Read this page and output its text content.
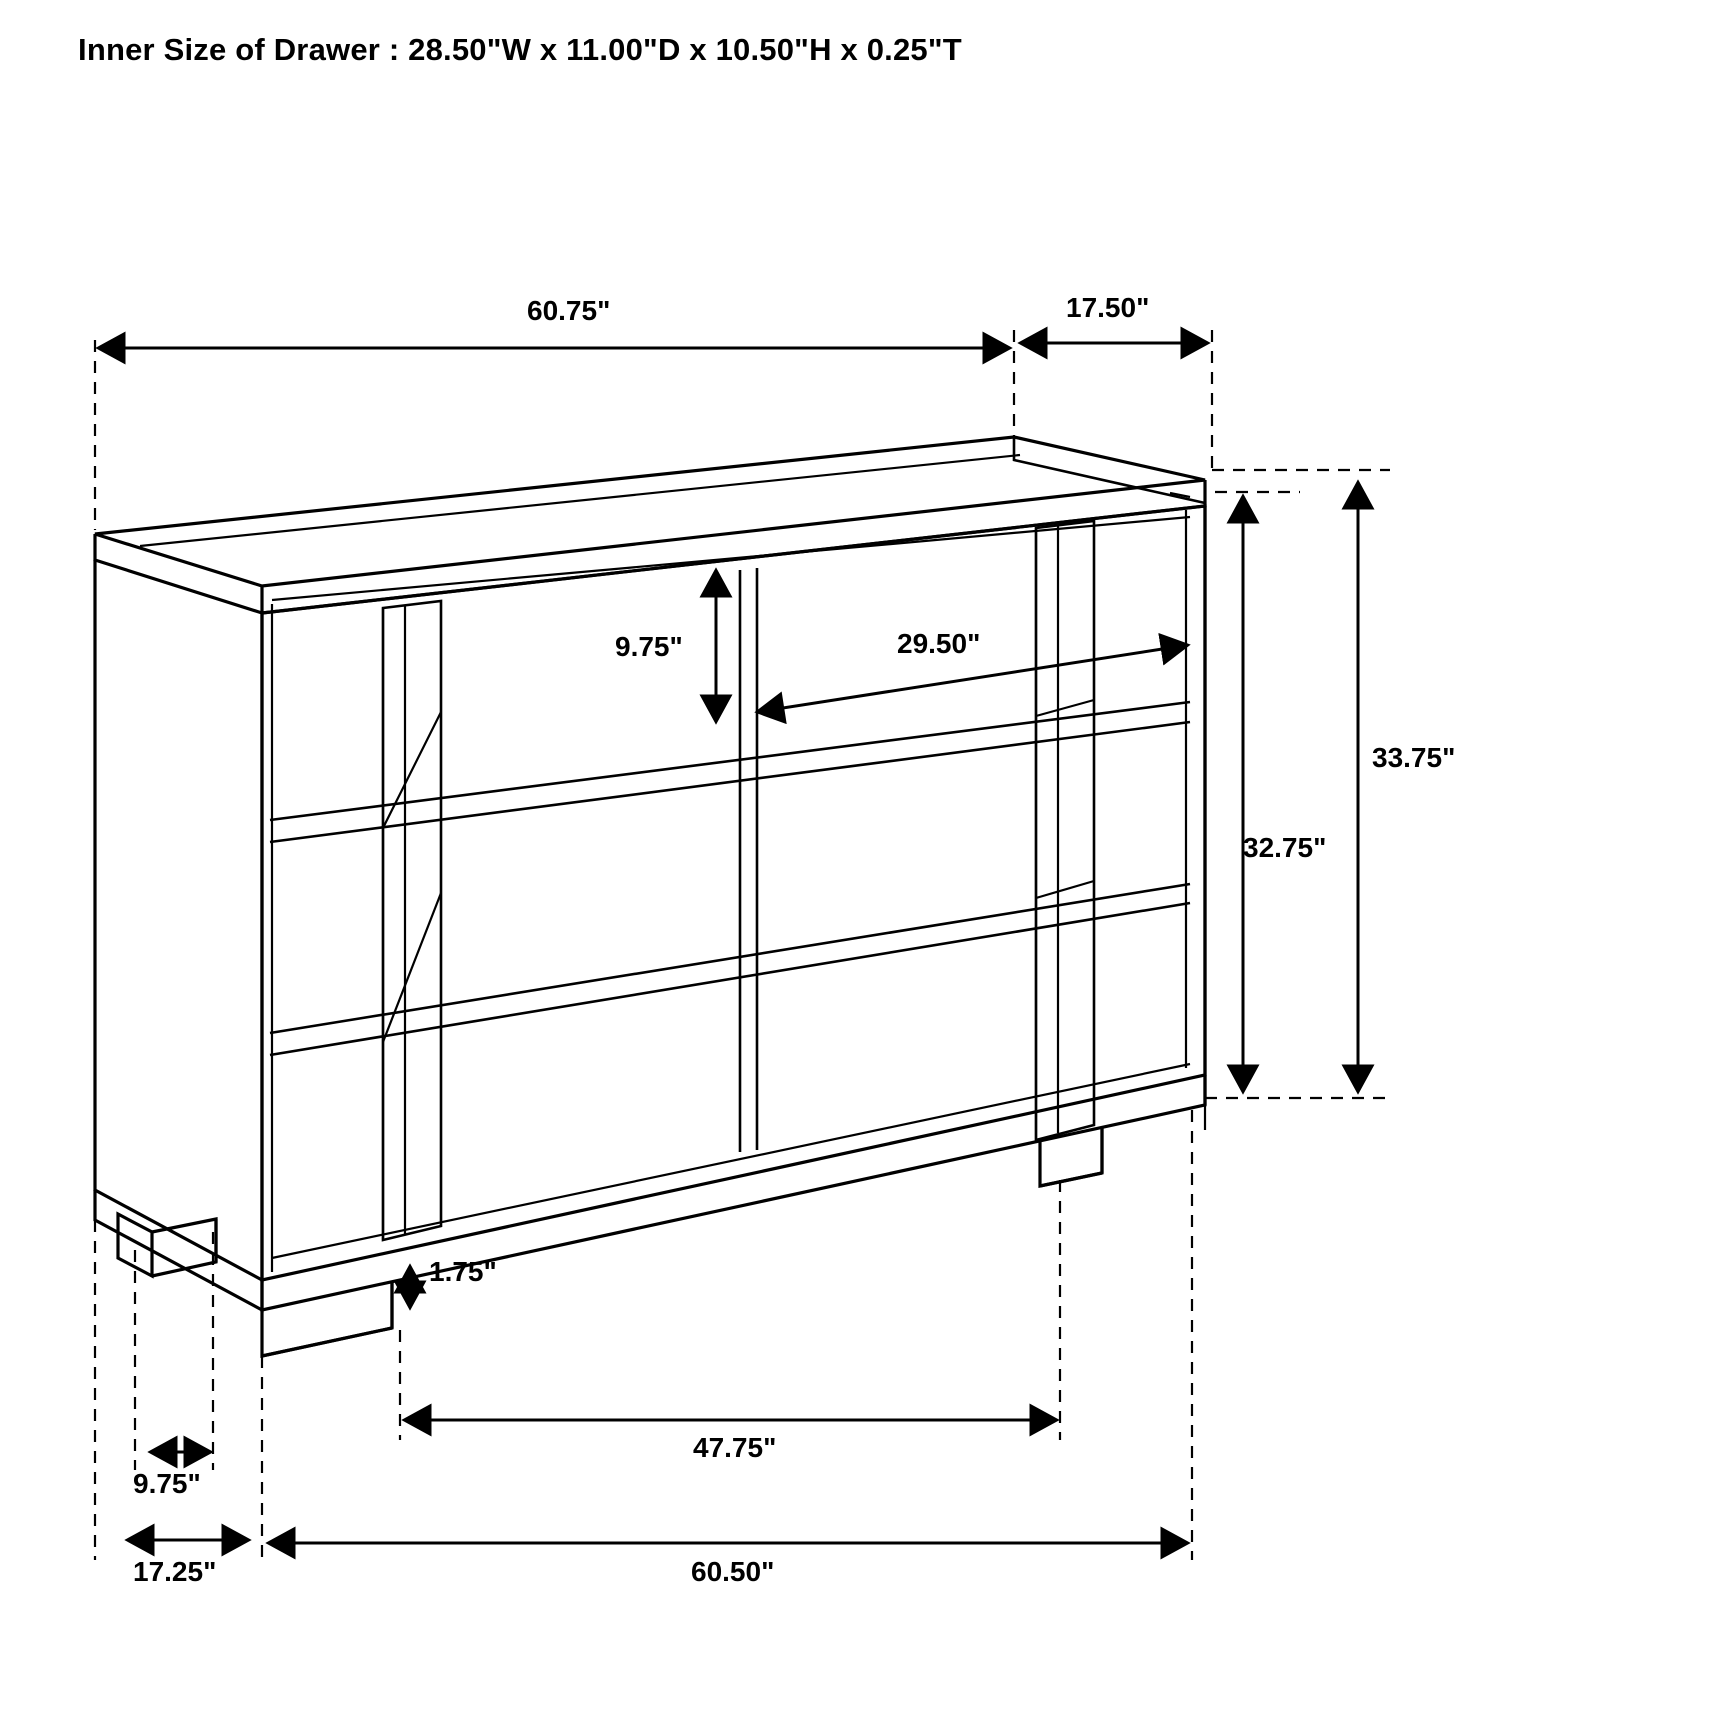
Inner Size of Drawer : 28.50"W x 11.00"D x 10.50"H x 0.25"T
60.75"	17.50"
9.75"	29.50"
33.75"
32.75"
1.75"
9.75"
47.75"
17.25"	60.50"
